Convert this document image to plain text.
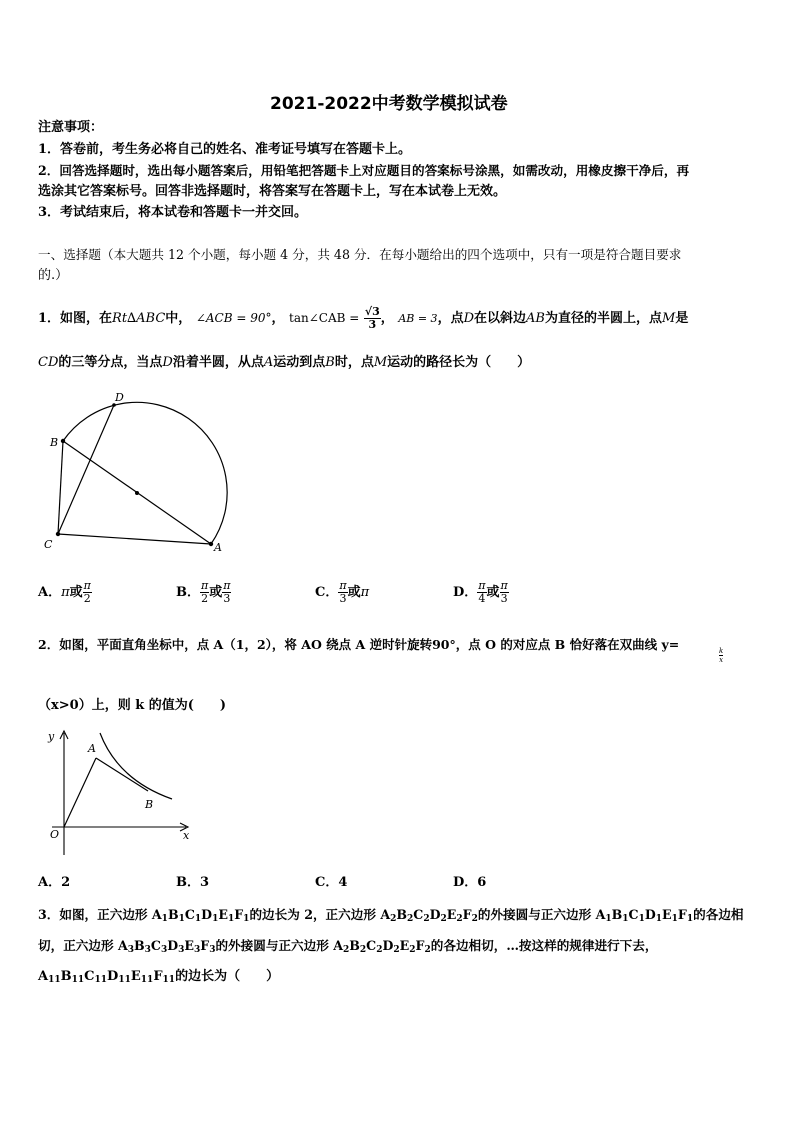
2021-2022中考数学模拟试卷
注意事项：
1．答卷前，考生务必将自己的姓名、准考证号填写在答题卡上。
2．回答选择题时，选出每小题答案后，用铅笔把答题卡上对应题目的答案标号涂黑，如需改动，用橡皮擦干净后，再
选涂其它答案标号。回答非选择题时，将答案写在答题卡上，写在本试卷上无效。
3．考试结束后，将本试卷和答题卡一并交回。
一、选择题（本大题共 12 个小题，每小题 4 分，共 48 分．在每小题给出的四个选项中，只有一项是符合题目要求
的.）
1．如图，在Rt∆ABC中， ∠ACB = 90°， tan∠CAB = $\frac{√3}{3}$ ， AB = 3，点D在以斜边AB为直径的半圆上，点M是
CD的三等分点，当点D沿着半圆，从点A运动到点B时，点M运动的路径长为（　　）
D
B
C	A
A．π或 $\frac{\pi}{2}$	B． $\frac{\pi}{2}$ 或 $\frac{\pi}{3}$	C． $\frac{\pi}{3}$ 或π	D． $\frac{\pi}{4}$ 或 $\frac{\pi}{3}$
2．如图，平面直角坐标中，点 A（1，2），将 AO 绕点 A 逆时针旋转90°，点 O 的对应点 B 恰好落在双曲线 y=
$\frac{k}{x}$
（x>0）上，则 k 的值为(　　)
y
A
B
O	x
A．2	B．3	C．4	D．6
3．如图，正六边形 $A_1B_1C_1D_1E_1F_1$的边长为 2，正六边形 $A_2B_2C_2D_2E_2F_2$的外接圆与正六边形 $A_1B_1C_1D_1E_1F_1$的各边相
切，正六边形 $A_3B_3C_3D_3E_3F_3$的外接圆与正六边形 $A_2B_2C_2D_2E_2F_2$的各边相切，…按这样的规律进行下去，
$A_{11}B_{11}C_{11}D_{11}E_{11}F_{11}$的边长为（　　）
